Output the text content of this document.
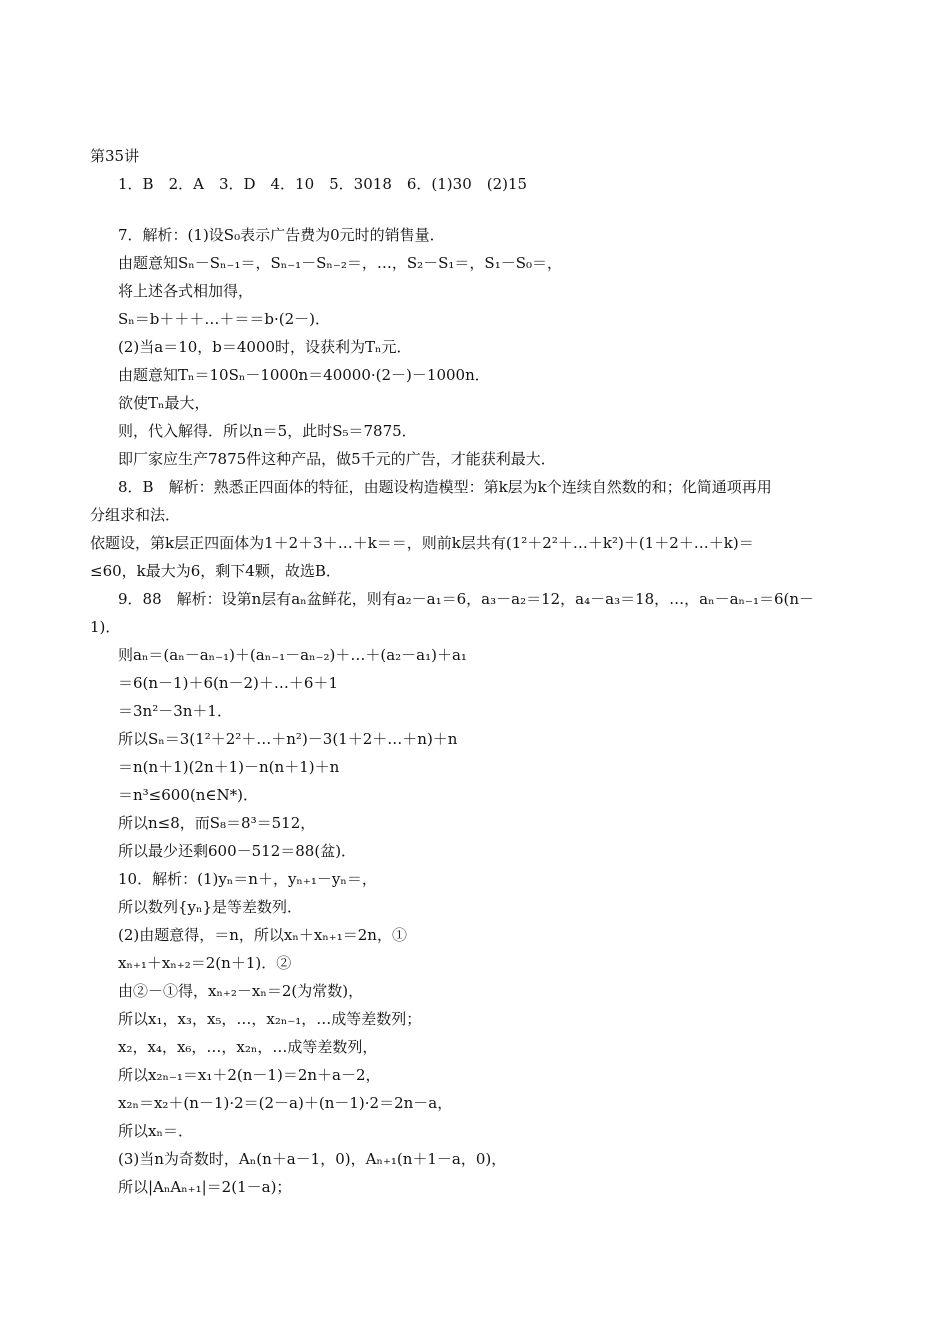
第35讲
1．B　2．A　3．D　4．10　5．3018　6．(1)30　(2)15
7．解析：(1)设S₀表示广告费为0元时的销售量．
由题意知Sₙ－Sₙ₋₁＝，Sₙ₋₁－Sₙ₋₂＝，…，S₂－S₁＝，S₁－S₀＝，
将上述各式相加得，
Sₙ＝b＋＋＋…＋＝＝b·(2－)．
(2)当a＝10，b＝4000时，设获利为Tₙ元．
由题意知Tₙ＝10Sₙ－1000n＝40000·(2－)－1000n．
欲使Tₙ最大，
则，代入解得．所以n＝5，此时S₅＝7875．
即厂家应生产7875件这种产品，做5千元的广告，才能获利最大．
8．B　解析：熟悉正四面体的特征，由题设构造模型：第k层为k个连续自然数的和；化简通项再用
分组求和法．
依题设，第k层正四面体为1＋2＋3＋…＋k＝＝，则前k层共有(1²＋2²＋…＋k²)＋(1＋2＋…＋k)＝
≤60，k最大为6，剩下4颗，故选B．
9．88　解析：设第n层有aₙ盆鲜花，则有a₂－a₁＝6，a₃－a₂＝12，a₄－a₃＝18，…，aₙ－aₙ₋₁＝6(n－
1)．
则aₙ＝(aₙ－aₙ₋₁)＋(aₙ₋₁－aₙ₋₂)＋…＋(a₂－a₁)＋a₁
＝6(n－1)＋6(n－2)＋…＋6＋1
＝3n²－3n＋1．
所以Sₙ＝3(1²＋2²＋…＋n²)－3(1＋2＋…＋n)＋n
＝n(n＋1)(2n＋1)－n(n＋1)＋n
＝n³≤600(n∈N*)．
所以n≤8，而S₈＝8³＝512，
所以最少还剩600－512＝88(盆)．
10．解析：(1)yₙ＝n＋，yₙ₊₁－yₙ＝，
所以数列{yₙ}是等差数列．
(2)由题意得，＝n，所以xₙ＋xₙ₊₁＝2n，①
xₙ₊₁＋xₙ₊₂＝2(n＋1)．②
由②－①得，xₙ₊₂－xₙ＝2(为常数)，
所以x₁，x₃，x₅，…，x₂ₙ₋₁，…成等差数列；
x₂，x₄，x₆，…，x₂ₙ，…成等差数列，
所以x₂ₙ₋₁＝x₁＋2(n－1)＝2n＋a－2，
x₂ₙ＝x₂＋(n－1)·2＝(2－a)＋(n－1)·2＝2n－a，
所以xₙ＝．
(3)当n为奇数时，Aₙ(n＋a－1，0)，Aₙ₊₁(n＋1－a，0)，
所以|AₙAₙ₊₁|＝2(1－a)；
